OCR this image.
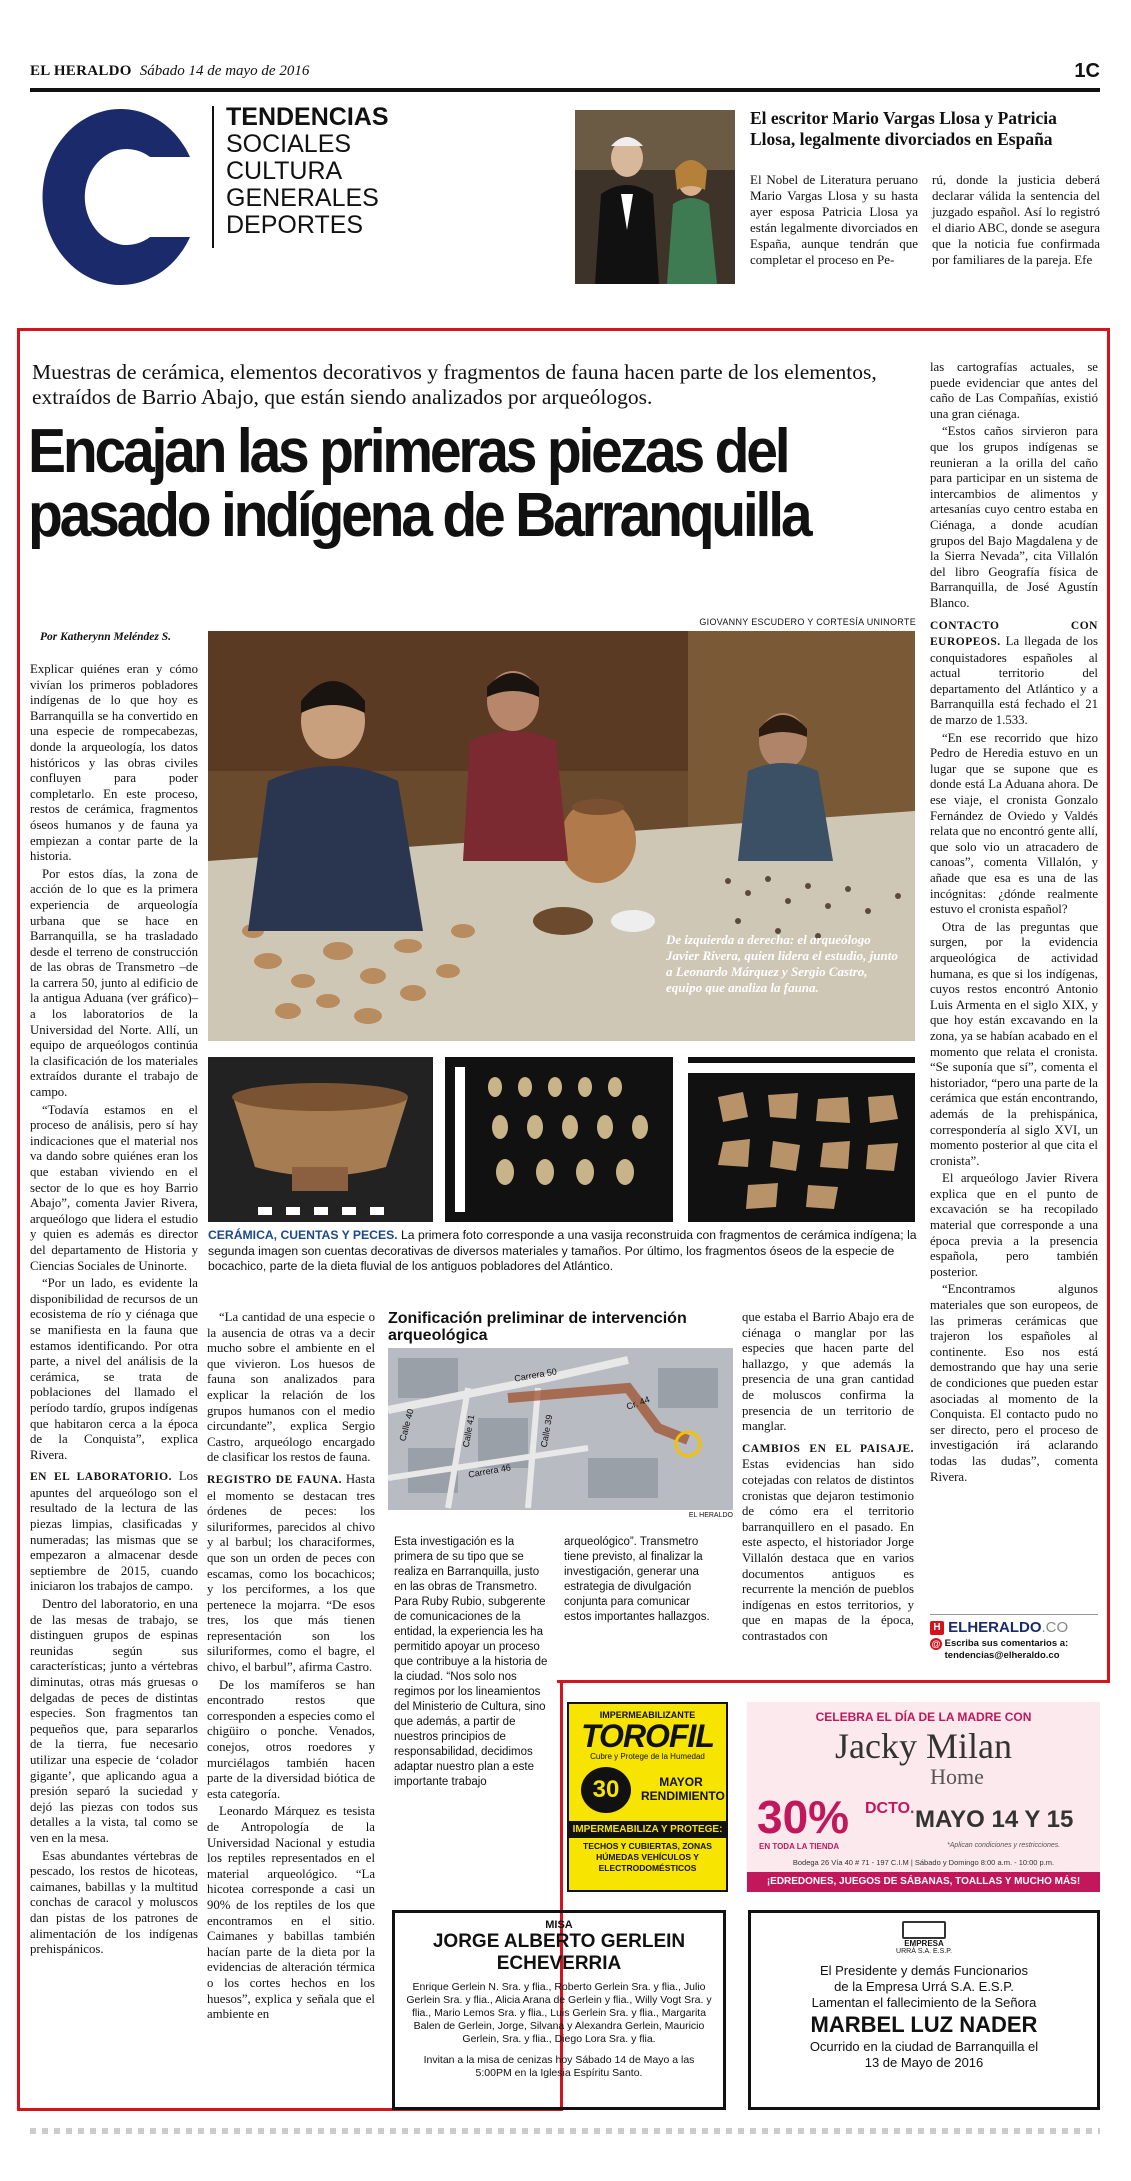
EL HERALDO Sábado 14 de mayo de 2016	1C
TENDENCIAS
SOCIALES
CULTURA
GENERALES
DEPORTES
El escritor Mario Vargas Llosa y Patricia Llosa, legalmente divorciados en España

El Nobel de Literatura peruano Mario Vargas Llosa y su hasta ayer esposa Patricia Llosa ya están legalmente divorciados en España, aunque tendrán que completar el proceso en Pe-

rú, donde la justicia deberá declarar válida la sentencia del juzgado español. Así lo registró el diario ABC, donde se asegura que la noticia fue confirmada por familiares de la pareja. Efe

Muestras de cerámica, elementos decorativos y fragmentos de fauna hacen parte de los elementos, extraídos de Barrio Abajo, que están siendo analizados por arqueólogos.
Encajan las primeras piezas del
pasado indígena de Barranquilla
GIOVANNY ESCUDERO Y CORTESÍA UNINORTE
De izquierda a derecha: el arqueólogo Javier Rivera, quien lidera el estudio, junto a Leonardo Márquez y Sergio Castro, equipo que analiza la fauna.
CERÁMICA, CUENTAS Y PECES. La primera foto corresponde a una vasija reconstruida con fragmentos de cerámica indígena; la segunda imagen son cuentas decorativas de diversos materiales y tamaños. Por último, los fragmentos óseos de la especie de bocachico, parte de la dieta fluvial de los antiguos pobladores del Atlántico.
Por Katherynn Meléndez S.

Explicar quiénes eran y cómo vivían los primeros pobladores indígenas de lo que hoy es Barranquilla se ha convertido en una especie de rompecabezas, donde la arqueología, los datos históricos y las obras civiles confluyen para poder completarlo. En este proceso, restos de cerámica, fragmentos óseos humanos y de fauna ya empiezan a contar parte de la historia.

Por estos días, la zona de acción de lo que es la primera experiencia de arqueología urbana que se hace en Barranquilla, se ha trasladado desde el terreno de construcción de las obras de Transmetro –de la carrera 50, junto al edificio de la antigua Aduana (ver gráfico)– a los laboratorios de la Universidad del Norte. Allí, un equipo de arqueólogos continúa la clasificación de los materiales extraídos durante el trabajo de campo.

“Todavía estamos en el proceso de análisis, pero sí hay indicaciones que el material nos va dando sobre quiénes eran los que estaban viviendo en el sector de lo que es hoy Barrio Abajo”, comenta Javier Rivera, arqueólogo que lidera el estudio y quien es además es director del departamento de Historia y Ciencias Sociales de Uninorte.

“Por un lado, es evidente la disponibilidad de recursos de un ecosistema de río y ciénaga que se manifiesta en la fauna que estamos identificando. Por otra parte, a nivel del análisis de la cerámica, se trata de poblaciones del llamado el período tardío, grupos indígenas que habitaron cerca a la época de la Conquista”, explica Rivera.

EN EL LABORATORIO. Los apuntes del arqueólogo son el resultado de la lectura de las piezas limpias, clasificadas y numeradas; las mismas que se empezaron a almacenar desde septiembre de 2015, cuando iniciaron los trabajos de campo.

Dentro del laboratorio, en una de las mesas de trabajo, se distinguen grupos de espinas reunidas según sus características; junto a vértebras diminutas, otras más gruesas o delgadas de peces de distintas especies. Son fragmentos tan pequeños que, para separarlos de la tierra, fue necesario utilizar una especie de ‘colador gigante’, que aplicando agua a presión separó la suciedad y dejó las piezas con todos sus detalles a la vista, tal como se ven en la mesa.

Esas abundantes vértebras de pescado, los restos de hicoteas, caimanes, babillas y la multitud conchas de caracol y moluscos dan pistas de los patrones de alimentación de los indígenas prehispánicos.

“La cantidad de una especie o la ausencia de otras va a decir mucho sobre el ambiente en el que vivieron. Los huesos de fauna son analizados para explicar la relación de los grupos humanos con el medio circundante”, explica Sergio Castro, arqueólogo encargado de clasificar los restos de fauna.

REGISTRO DE FAUNA. Hasta el momento se destacan tres órdenes de peces: los siluriformes, parecidos al chivo y al barbul; los characiformes, que son un orden de peces con escamas, como los bocachicos; y los perciformes, a los que pertenece la mojarra. “De esos tres, los que más tienen representación son los siluriformes, como el bagre, el chivo, el barbul”, afirma Castro.

De los mamíferos se han encontrado restos que corresponden a especies como el chigüiro o ponche. Venados, conejos, otros roedores y murciélagos también hacen parte de la diversidad biótica de esta categoría.

Leonardo Márquez es tesista de Antropología de la Universidad Nacional y estudia los reptiles representados en el material arqueológico. “La hicotea corresponde a casi un 90% de los reptiles de los que encontramos en el sitio. Caimanes y babillas también hacían parte de la dieta por la evidencias de alteración térmica o los cortes hechos en los huesos”, explica y señala que el ambiente en

Zonificación preliminar de intervención arqueológica
Carrera 50
Calle 40	Calle 39
Calle 41
Carrera 46
Cr. 44
EL HERALDO
Esta investigación es la primera de su tipo que se realiza en Barranquilla, justo en las obras de Transmetro. Para Ruby Rubio, subgerente de comunicaciones de la entidad, la experiencia les ha permitido apoyar un proceso que contribuye a la historia de la ciudad. “Nos solo nos regimos por los lineamientos del Ministerio de Cultura, sino que además, a partir de nuestros principios de responsabilidad, decidimos adaptar nuestro plan a este importante trabajo
arqueológico”. Transmetro tiene previsto, al finalizar la investigación, generar una estrategia de divulgación conjunta para comunicar estos importantes hallazgos.

que estaba el Barrio Abajo era de ciénaga o manglar por las especies que hacen parte del hallazgo, y que además la presencia de una gran cantidad de moluscos confirma la presencia de un territorio de manglar.

CAMBIOS EN EL PAISAJE. Estas evidencias han sido cotejadas con relatos de distintos cronistas que dejaron testimonio de cómo era el territorio barranquillero en el pasado. En este aspecto, el historiador Jorge Villalón destaca que en varios documentos antiguos es recurrente la mención de pueblos indígenas en estos territorios, y que en mapas de la época, contrastados con

las cartografías actuales, se puede evidenciar que antes del caño de Las Compañías, existió una gran ciénaga.

“Estos caños sirvieron para que los grupos indígenas se reunieran a la orilla del caño para participar en un sistema de intercambios de alimentos y artesanías cuyo centro estaba en Ciénaga, a donde acudían grupos del Bajo Magdalena y de la Sierra Nevada”, cita Villalón del libro Geografía física de Barranquilla, de José Agustín Blanco.

CONTACTO CON EUROPEOS. La llegada de los conquistadores españoles al actual territorio del departamento del Atlántico y a Barranquilla está fechado el 21 de marzo de 1.533.

“En ese recorrido que hizo Pedro de Heredia estuvo en un lugar que se supone que es donde está La Aduana ahora. De ese viaje, el cronista Gonzalo Fernández de Oviedo y Valdés relata que no encontró gente allí, que solo vio un atracadero de canoas”, comenta Villalón, y añade que esa es una de las incógnitas: ¿dónde realmente estuvo el cronista español?

Otra de las preguntas que surgen, por la evidencia arqueológica de actividad humana, es que si los indígenas, cuyos restos encontró Antonio Luis Armenta en el siglo XIX, y que hoy están excavando en la zona, ya se habían acabado en el momento que relata el cronista. “Se suponía que sí”, comenta el historiador, “pero una parte de la cerámica que están encontrando, además de la prehispánica, correspondería al siglo XVI, un momento posterior al que cita el cronista”.

El arqueólogo Javier Rivera explica que en el punto de excavación se ha recopilado material que corresponde a una época previa a la presencia española, pero también posterior.

“Encontramos algunos materiales que son europeos, de las primeras cerámicas que trajeron los españoles al continente. Eso nos está demostrando que hay una serie de condiciones que pueden estar asociadas al momento de la Conquista. El contacto pudo no ser directo, pero el proceso de investigación irá aclarando todas las dudas”, comenta Rivera.

H ELHERALDO.CO
@ Escriba sus comentarios a:
tendencias@elheraldo.co
IMPERMEABILIZANTE
TOROFIL
Cubre y Protege de la Humedad
30	MAYOR RENDIMIENTO
IMPERMEABILIZA Y PROTEGE:
TECHOS Y CUBIERTAS, ZONAS HÚMEDAS VEHÍCULOS Y ELECTRODOMÉSTICOS
CELEBRA EL DÍA DE LA MADRE CON
Jacky Milan
Home
30% DCTO.
EN TODA LA TIENDA
MAYO 14 Y 15
*Aplican condiciones y restricciones.
Bodega 26 Vía 40 # 71 - 197 C.I.M | Sábado y Domingo 8:00 a.m. - 10:00 p.m.
¡EDREDONES, JUEGOS DE SÁBANAS, TOALLAS Y MUCHO MÁS!
MISA
JORGE ALBERTO GERLEIN
ECHEVERRIA
Enrique Gerlein N. Sra. y flia., Roberto Gerlein Sra. y flia., Julio Gerlein Sra. y flia., Alicia Arana de Gerlein y flia., Willy Vogt Sra. y flia., Mario Lemos Sra. y flia., Luis Gerlein Sra. y flia., Margarita Balen de Gerlein, Jorge, Silvana y Alexandra Gerlein, Mauricio Gerlein, Sra. y flia., Diego Lora Sra. y flia.
Invitan a la misa de cenizas hoy Sábado 14 de Mayo a las 5:00PM en la Iglesia Espíritu Santo.
EMPRESA
URRÁ S.A. E.S.P.
El Presidente y demás Funcionarios
de la Empresa Urrá S.A. E.S.P.
Lamentan el fallecimiento de la Señora
MARBEL LUZ NADER
Ocurrido en la ciudad de Barranquilla el
13 de Mayo de 2016
